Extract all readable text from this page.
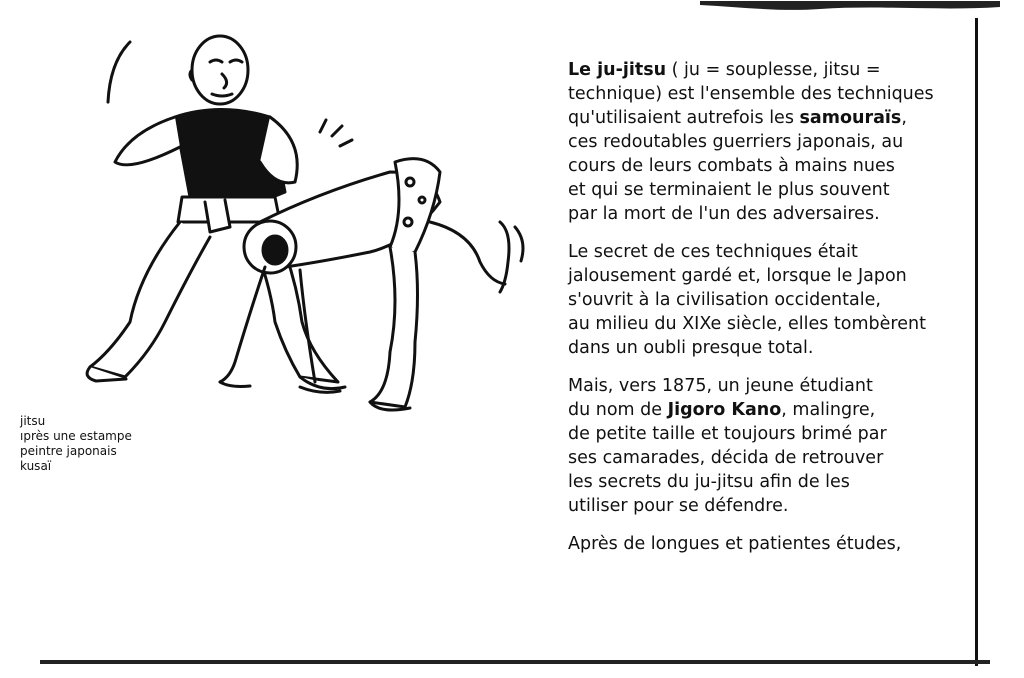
jitsu
ıprès une estampe
peintre japonais
kusaï
Le ju-jitsu ( ju = souplesse, jitsu =
technique) est l'ensemble des techniques
qu'utilisaient autrefois les samouraïs,
ces redoutables guerriers japonais, au
cours de leurs combats à mains nues
et qui se terminaient le plus souvent
par la mort de l'un des adversaires.
Le secret de ces techniques était
jalousement gardé et, lorsque le Japon
s'ouvrit à la civilisation occidentale,
au milieu du XIXe siècle, elles tombèrent
dans un oubli presque total.
Mais, vers 1875, un jeune étudiant
du nom de Jigoro Kano, malingre,
de petite taille et toujours brimé par
ses camarades, décida de retrouver
les secrets du ju-jitsu afin de les
utiliser pour se défendre.
Après de longues et patientes études,
